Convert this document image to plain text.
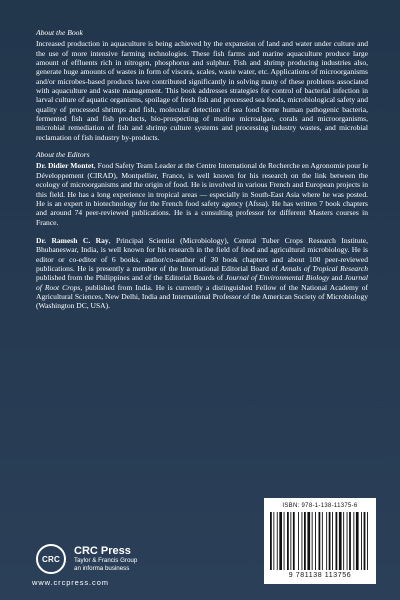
About the Book

Increased production in aquaculture is being achieved by the expansion of land and water under culture and the use of more intensive farming technologies. These fish farms and marine aquaculture produce large amount of effluents rich in nitrogen, phosphorus and sulphur. Fish and shrimp producing industries also, generate huge amounts of wastes in form of viscera, scales, waste water, etc. Applications of microorganisms and/or microbes-based products have contributed significantly in solving many of these problems associated with aquaculture and waste management. This book addresses strategies for control of bacterial infection in larval culture of aquatic organisms, spoilage of fresh fish and processed sea foods, microbiological safety and quality of processed shrimps and fish, molecular detection of sea food borne human pathogenic bacteria, fermented fish and fish products, bio-prospecting of marine microalgae, corals and microorganisms, microbial remediation of fish and shrimp culture systems and processing industry wastes, and microbial reclamation of fish industry by-products.

About the Editors

Dr. Didier Montet, Food Safety Team Leader at the Centre International de Recherche en Agronomie pour le Développement (CIRAD), Montpellier, France, is well known for his research on the link between the ecology of microorganisms and the origin of food. He is involved in various French and European projects in this field. He has a long experience in tropical areas — especially in South-East Asia where he was posted. He is an expert in biotechnology for the French food safety agency (Afssa). He has written 7 book chapters and around 74 peer-reviewed publications. He is a consulting professor for different Masters courses in France.

Dr. Ramesh C. Ray, Principal Scientist (Microbiology), Central Tuber Crops Research Institute, Bhubaneswar, India, is well known for his research in the field of food and agricultural microbiology. He is editor or co-editor of 6 books, author/co-author of 30 book chapters and about 100 peer-reviewed publications. He is presently a member of the International Editorial Board of Annals of Tropical Research published from the Philippines and of the Editorial Boards of Journal of Environmental Biology and Journal of Root Crops, published from India. He is currently a distinguished Fellow of the National Academy of Agricultural Sciences, New Delhi, India and International Professor of the American Society of Microbiology (Washington DC, USA).

CRC
CRC Press
Taylor & Francis Group
an informa business
www.crcpress.com
ISBN: 978-1-138-11375-6
9 781138 113756
